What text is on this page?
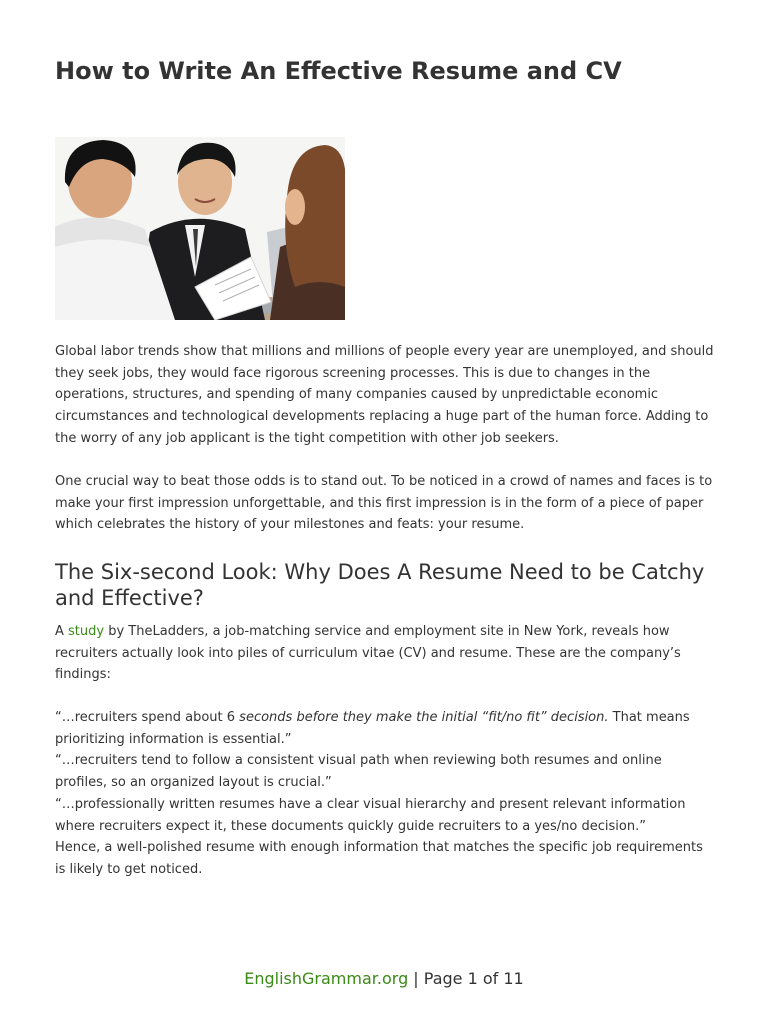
How to Write An Effective Resume and CV

Global labor trends show that millions and millions of people every year are unemployed, and should they seek jobs, they would face rigorous screening processes. This is due to changes in the operations, structures, and spending of many companies caused by unpredictable economic circumstances and technological developments replacing a huge part of the human force. Adding to the worry of any job applicant is the tight competition with other job seekers.

One crucial way to beat those odds is to stand out. To be noticed in a crowd of names and faces is to make your first impression unforgettable, and this first impression is in the form of a piece of paper which celebrates the history of your milestones and feats: your resume.

The Six-second Look: Why Does A Resume Need to be Catchy and Effective?

A study by TheLadders, a job-matching service and employment site in New York, reveals how recruiters actually look into piles of curriculum vitae (CV) and resume. These are the company’s findings:

“…recruiters spend about 6 seconds before they make the initial “fit/no fit” decision. That means prioritizing information is essential.”
“…recruiters tend to follow a consistent visual path when reviewing both resumes and online profiles, so an organized layout is crucial.”
“…professionally written resumes have a clear visual hierarchy and present relevant information where recruiters expect it, these documents quickly guide recruiters to a yes/no decision.”
Hence, a well-polished resume with enough information that matches the specific job requirements is likely to get noticed.
EnglishGrammar.org | Page 1 of 11
